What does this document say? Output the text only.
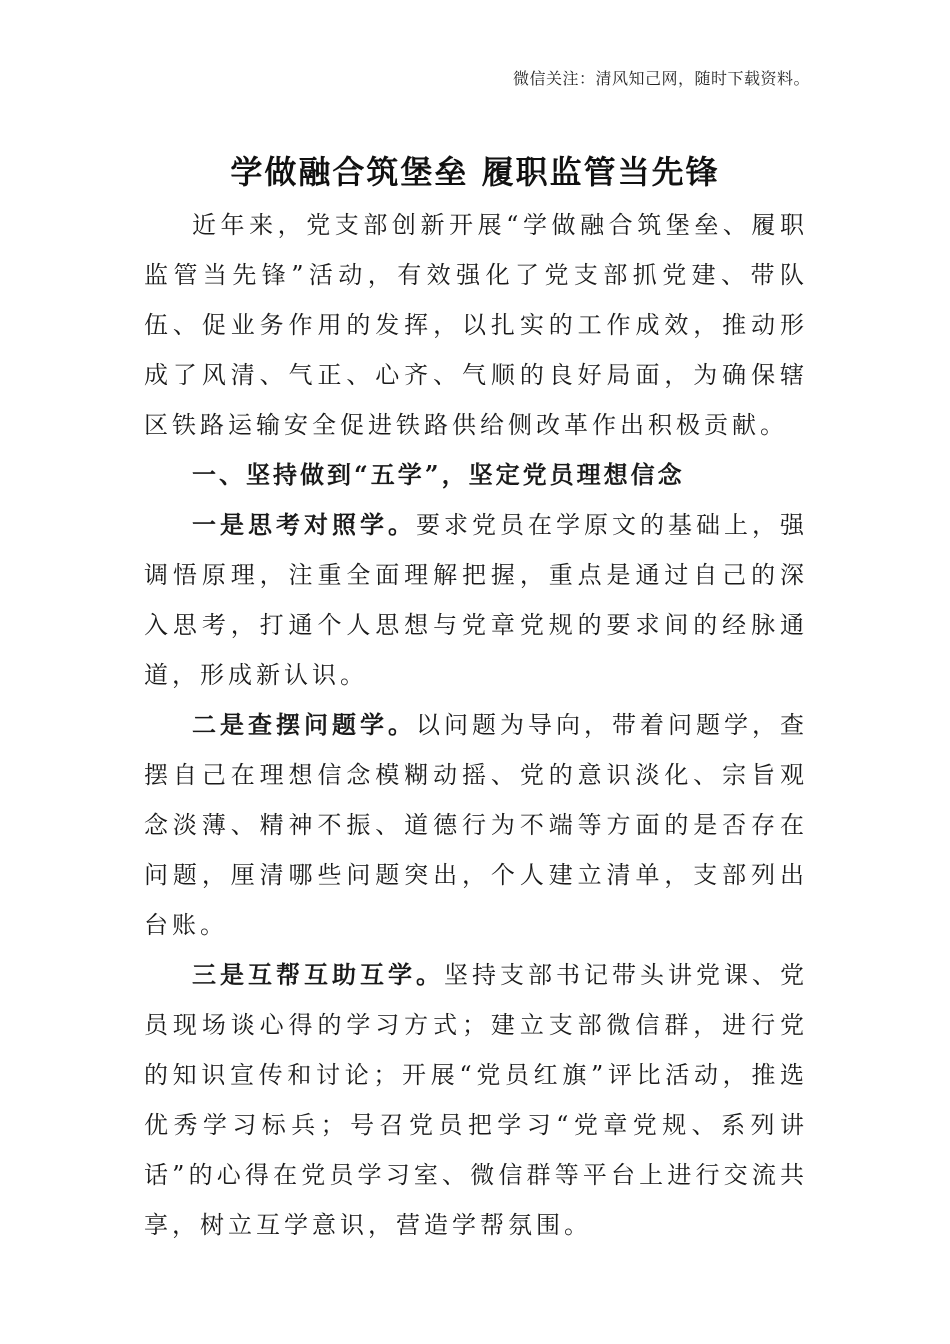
微信关注：清风知己网，随时下载资料。
学做融合筑堡垒 履职监管当先锋

近年来，党支部创新开展“学做融合筑堡垒、履职监管当先锋”活动，有效强化了党支部抓党建、带队伍、促业务作用的发挥，以扎实的工作成效，推动形成了风清、气正、心齐、气顺的良好局面，为确保辖区铁路运输安全促进铁路供给侧改革作出积极贡献。

一、坚持做到“五学”，坚定党员理想信念

一是思考对照学。要求党员在学原文的基础上，强调悟原理，注重全面理解把握，重点是通过自己的深入思考，打通个人思想与党章党规的要求间的经脉通道，形成新认识。

二是查摆问题学。以问题为导向，带着问题学，查摆自己在理想信念模糊动摇、党的意识淡化、宗旨观念淡薄、精神不振、道德行为不端等方面的是否存在问题，厘清哪些问题突出，个人建立清单，支部列出台账。

三是互帮互助互学。坚持支部书记带头讲党课、党员现场谈心得的学习方式；建立支部微信群，进行党的知识宣传和讨论；开展“党员红旗”评比活动，推选优秀学习标兵；号召党员把学习“党章党规、系列讲话”的心得在党员学习室、微信群等平台上进行交流共享，树立互学意识，营造学帮氛围。
